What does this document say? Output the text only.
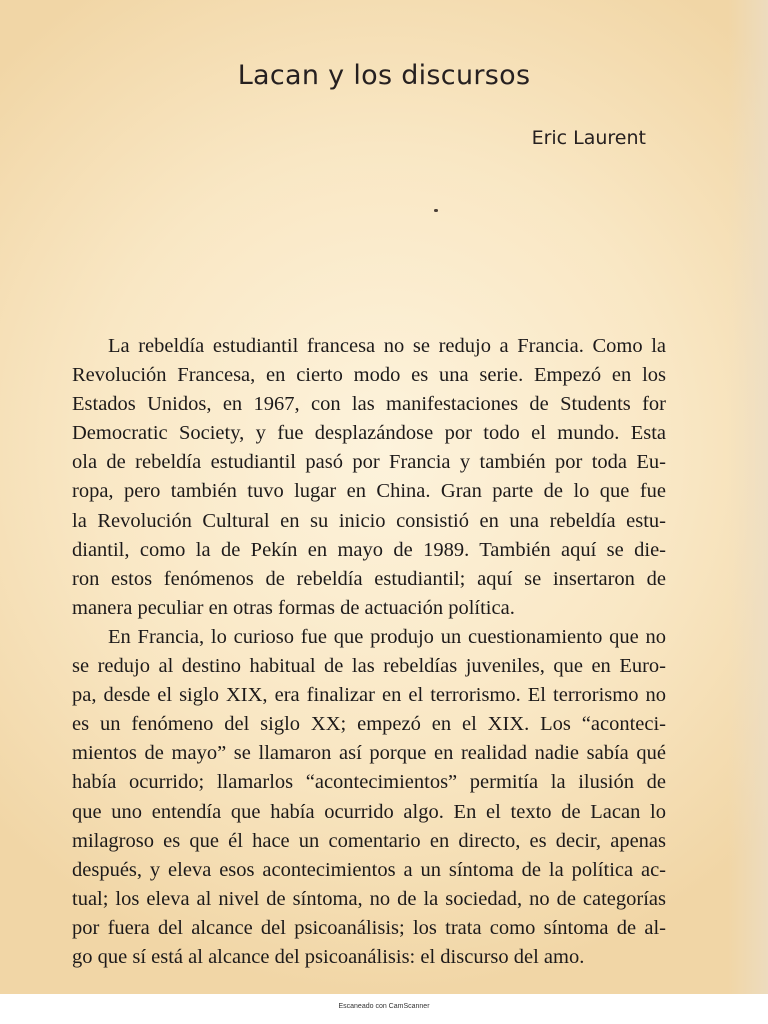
Lacan y los discursos
Eric Laurent
La rebeldía estudiantil francesa no se redujo a Francia. Como la
Revolución Francesa, en cierto modo es una serie. Empezó en los
Estados Unidos, en 1967, con las manifestaciones de Students for
Democratic Society, y fue desplazándose por todo el mundo. Esta
ola de rebeldía estudiantil pasó por Francia y también por toda Eu-
ropa, pero también tuvo lugar en China. Gran parte de lo que fue
la Revolución Cultural en su inicio consistió en una rebeldía estu-
diantil, como la de Pekín en mayo de 1989. También aquí se die-
ron estos fenómenos de rebeldía estudiantil; aquí se insertaron de
manera peculiar en otras formas de actuación política.
En Francia, lo curioso fue que produjo un cuestionamiento que no
se redujo al destino habitual de las rebeldías juveniles, que en Euro-
pa, desde el siglo XIX, era finalizar en el terrorismo. El terrorismo no
es un fenómeno del siglo XX; empezó en el XIX. Los “aconteci-
mientos de mayo” se llamaron así porque en realidad nadie sabía qué
había ocurrido; llamarlos “acontecimientos” permitía la ilusión de
que uno entendía que había ocurrido algo. En el texto de Lacan lo
milagroso es que él hace un comentario en directo, es decir, apenas
después, y eleva esos acontecimientos a un síntoma de la política ac-
tual; los eleva al nivel de síntoma, no de la sociedad, no de categorías
por fuera del alcance del psicoanálisis; los trata como síntoma de al-
go que sí está al alcance del psicoanálisis: el discurso del amo.
Escaneado con CamScanner
